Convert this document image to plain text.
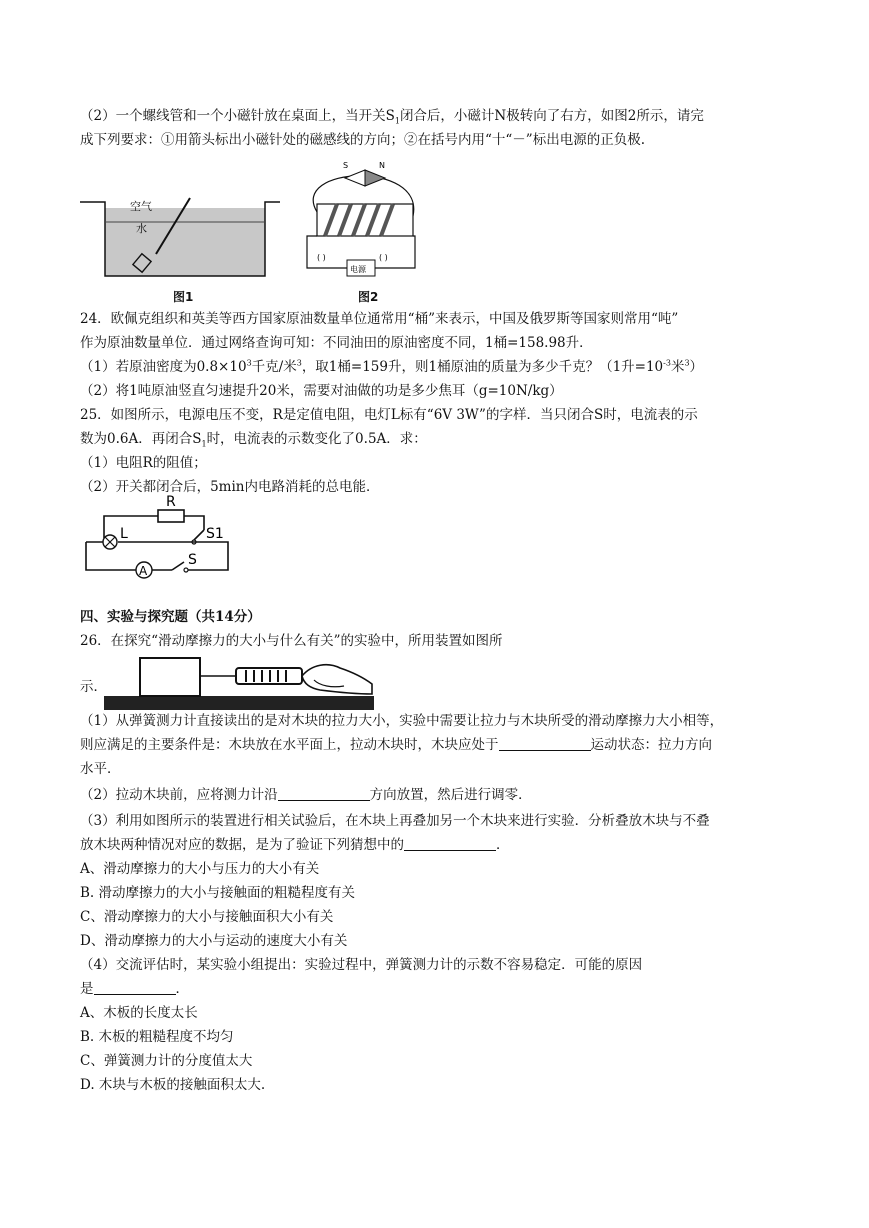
（2）一个螺线管和一个小磁针放在桌面上，当开关$S_1$闭合后，小磁计N极转向了右方，如图2所示，请完
成下列要求：①用箭头标出小磁针处的磁感线的方向；②在括号内用“十“－”标出电源的正负极.
空气
水
图1
S	N
电源
( )	( )
图2
24．欧佩克组织和英美等西方国家原油数量单位通常用“桶”来表示，中国及俄罗斯等国家则常用“吨”
作为原油数量单位．通过网络查询可知：不同油田的原油密度不同，1桶=158.98升．
（1）若原油密度为$0.8\times 10^3$千克/米$^3$，取1桶=159升，则1桶原油的质量为多少千克？（1升$=10^{-3}$米$^3$）
（2）将1吨原油竖直匀速提升20米，需要对油做的功是多少焦耳（g=10N/kg）
25．如图所示，电源电压不变，R是定值电阻，电灯L标有“6V 3W”的字样．当只闭合S时，电流表的示
数为0.6A．再闭合$S_1$时，电流表的示数变化了0.5A．求：
（1）电阻R的阻值；
（2）开关都闭合后，5min内电路消耗的总电能．
R
L	S1
S
A
四、实验与探究题（共14分）
26．在探究“滑动摩擦力的大小与什么有关”的实验中，所用装置如图所
示．
（1）从弹簧测力计直接读出的是对木块的拉力大小，实验中需要让拉力与木块所受的滑动摩擦力大小相等，
则应满足的主要条件是：木块放在水平面上，拉动木块时，木块应处于	运动状态：拉力方向
水平．
（2）拉动木块前，应将测力计沿	方向放置，然后进行调零．
（3）利用如图所示的装置进行相关试验后，在木块上再叠加另一个木块来进行实验．分析叠放木块与不叠
放木块两种情况对应的数据，是为了验证下列猜想中的	．
A、滑动摩擦力的大小与压力的大小有关
B. 滑动摩擦力的大小与接触面的粗糙程度有关
C、滑动摩擦力的大小与接触面积大小有关
D、滑动摩擦力的大小与运动的速度大小有关
（4）交流评估时，某实验小组提出：实验过程中，弹簧测力计的示数不容易稳定．可能的原因
是	．
A、木板的长度太长
B. 木板的粗糙程度不均匀
C、弹簧测力计的分度值太大
D. 木块与木板的接触面积太大.
